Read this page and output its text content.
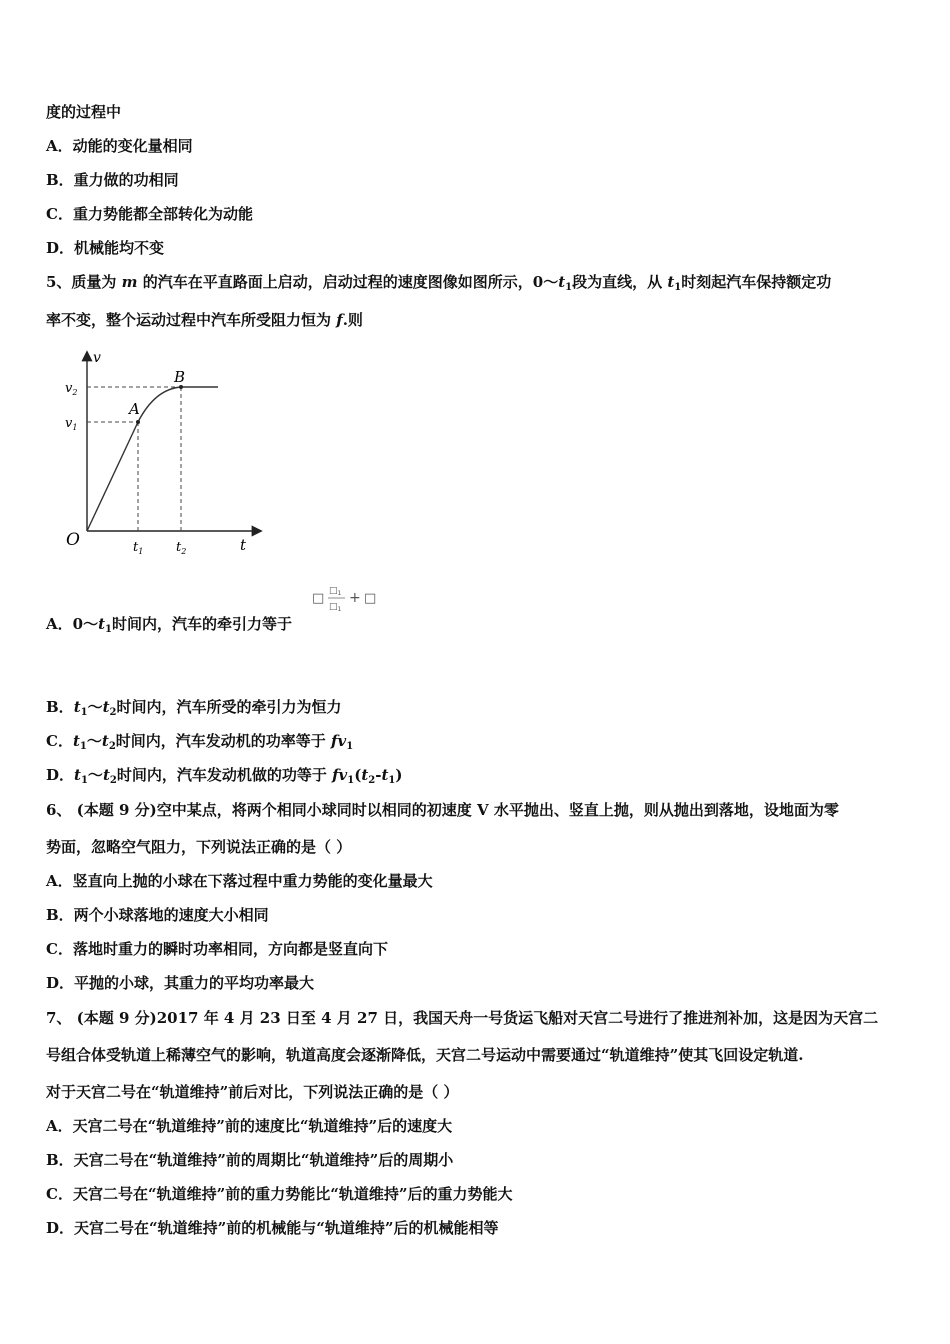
度的过程中
A．动能的变化量相同
B．重力做的功相同
C．重力势能都全部转化为动能
D．机械能均不变
5、质量为 m 的汽车在平直路面上启动，启动过程的速度图像如图所示，$0\sim t_1$段为直线，从 $t_1$时刻起汽车保持额定功
率不变，整个运动过程中汽车所受阻力恒为 f.则
v
t
O
A
B
$v_2$
$v_1$
$t_1$	$t_2$
□ $□_1$
$□_1$
+ □
A．$0\sim t_1$时间内，汽车的牵引力等于
B．$t_1\sim t_2$时间内，汽车所受的牵引力为恒力
C．$t_1\sim t_2$时间内，汽车发动机的功率等于 $fv_1$
D．$t_1\sim t_2$时间内，汽车发动机做的功等于 $fv_1(t_2-t_1)$
6、 (本题 9 分)空中某点，将两个相同小球同时以相同的初速度 V 水平抛出、竖直上抛，则从抛出到落地，设地面为零
势面，忽略空气阻力，下列说法正确的是（ ）
A．竖直向上抛的小球在下落过程中重力势能的变化量最大
B．两个小球落地的速度大小相同
C．落地时重力的瞬时功率相同，方向都是竖直向下
D．平抛的小球，其重力的平均功率最大
7、 (本题 9 分)2017 年 4 月 23 日至 4 月 27 日，我国天舟一号货运飞船对天宫二号进行了推进剂补加，这是因为天宫二
号组合体受轨道上稀薄空气的影响，轨道高度会逐渐降低，天宫二号运动中需要通过“轨道维持”使其飞回设定轨道.
对于天宫二号在“轨道维持”前后对比，下列说法正确的是（ ）
A．天宫二号在“轨道维持”前的速度比“轨道维持”后的速度大
B．天宫二号在“轨道维持”前的周期比“轨道维持”后的周期小
C．天宫二号在“轨道维持”前的重力势能比“轨道维持”后的重力势能大
D．天宫二号在“轨道维持”前的机械能与“轨道维持”后的机械能相等
